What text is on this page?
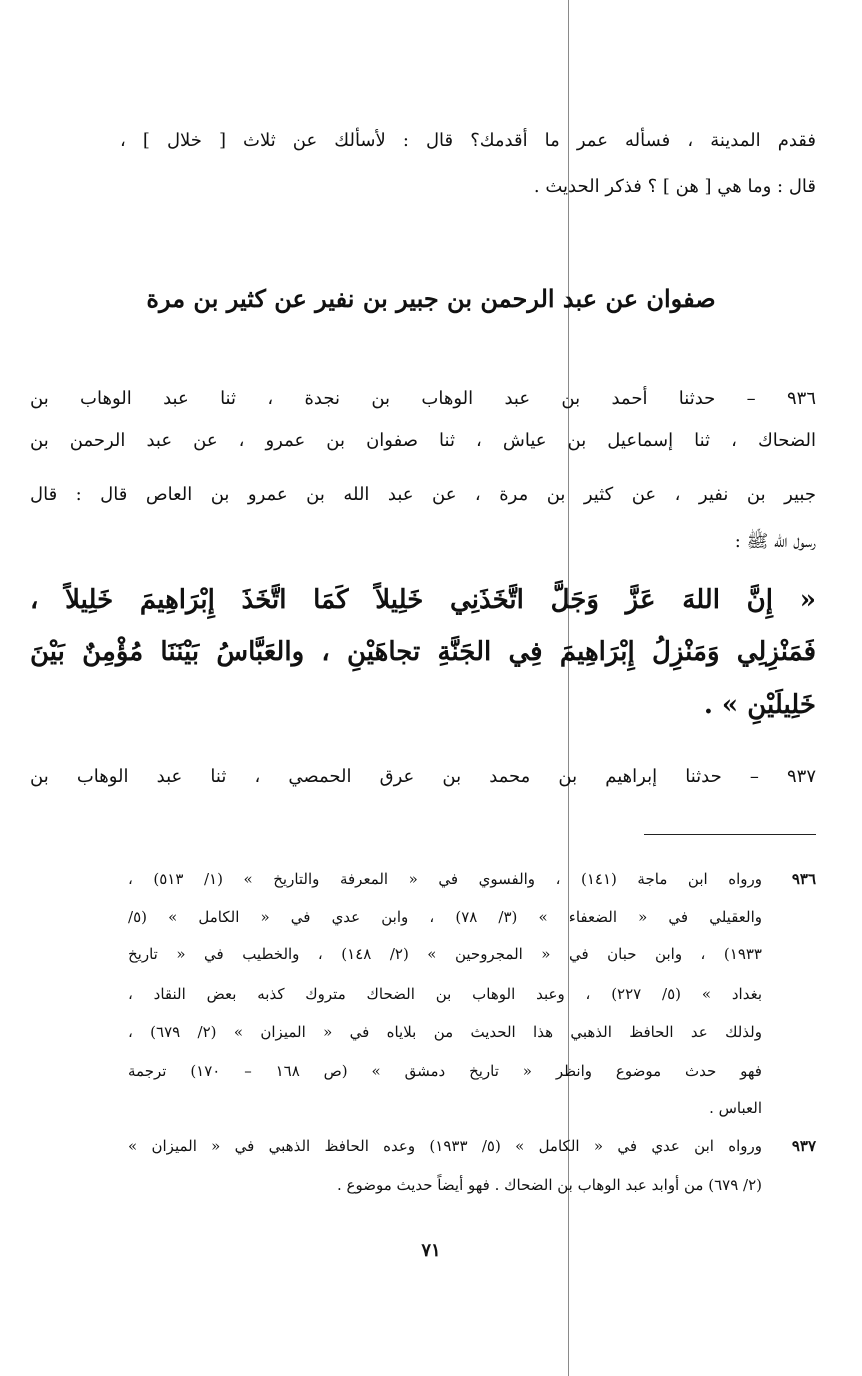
فقدم المدينة ، فسأله عمر ما أقدمك؟ قال : لأسألك عن ثلاث [ خلال ] ،
قال : وما هي [ هن ] ؟ فذكر الحديث .
صفوان عن عبد الرحمن بن جبير بن نفير عن كثير بن مرة
٩٣٦ – حدثنا أحمد بن عبد الوهاب بن نجدة ، ثنا عبد الوهاب بن
الضحاك ، ثنا إسماعيل بن عياش ، ثنا صفوان بن عمرو ، عن عبد الرحمن بن
جبير بن نفير ، عن كثير بن مرة ، عن عبد الله بن عمرو بن العاص قال : قال
رسول الله ﷺ :
« إِنَّ اللهَ عَزَّ وَجَلَّ اتَّخَذَنِي خَلِيلاً كَمَا اتَّخَذَ إِبْرَاهِيمَ خَلِيلاً ،
فَمَنْزِلِي وَمَنْزِلُ إِبْرَاهِيمَ فِي الجَنَّةِ تجاهَيْنِ ، والعَبَّاسُ بَيْنَنَا مُؤْمِنٌ بَيْنَ
خَلِيلَيْنِ » .
٩٣٧ – حدثنا إبراهيم بن محمد بن عرق الحمصي ، ثنا عبد الوهاب بن
٩٣٦
ورواه ابن ماجة (١٤١) ، والفسوي في « المعرفة والتاريخ » (١/ ٥١٣) ،
والعقيلي في « الضعفاء » (٣/ ٧٨) ، وابن عدي في « الكامل » (٥/
١٩٣٣) ، وابن حبان في « المجروحين » (٢/ ١٤٨) ، والخطيب في « تاريخ
بغداد » (٥/ ٢٢٧) ، وعبد الوهاب بن الضحاك متروك كذبه بعض النقاد ،
ولذلك عد الحافظ الذهبي هذا الحديث من بلاياه في « الميزان » (٢/ ٦٧٩) ،
فهو حدث موضوع وانظر « تاريخ دمشق » (ص ١٦٨ – ١٧٠) ترجمة
العباس .
٩٣٧
ورواه ابن عدي في « الكامل » (٥/ ١٩٣٣) وعده الحافظ الذهبي في « الميزان »
(٢/ ٦٧٩) من أوابد عبد الوهاب بن الضحاك . فهو أيضاً حديث موضوع .
٧١
